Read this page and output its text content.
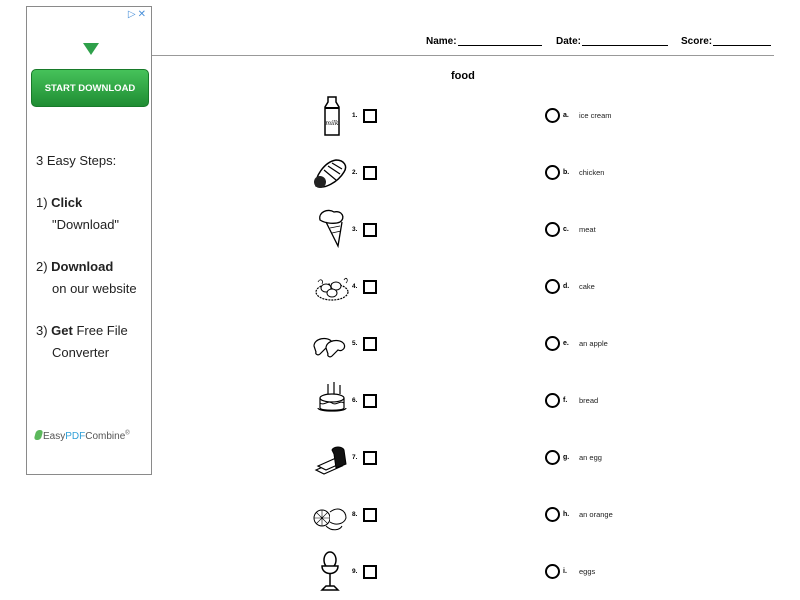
▷✕
START DOWNLOAD
3 Easy Steps:
1) Click
"Download"
2) Download
on our website
3) Get Free File
Converter
EasyPDFCombine®
Name:	Date:	Score:
food
milk
1.
2.
3.
4.
5.
6.
7.
8.
9.
a.
b.
c.
d.
e.
f.
g.
h.
i.
ice cream
chicken
meat
cake
an apple
bread
an egg
an orange
eggs
